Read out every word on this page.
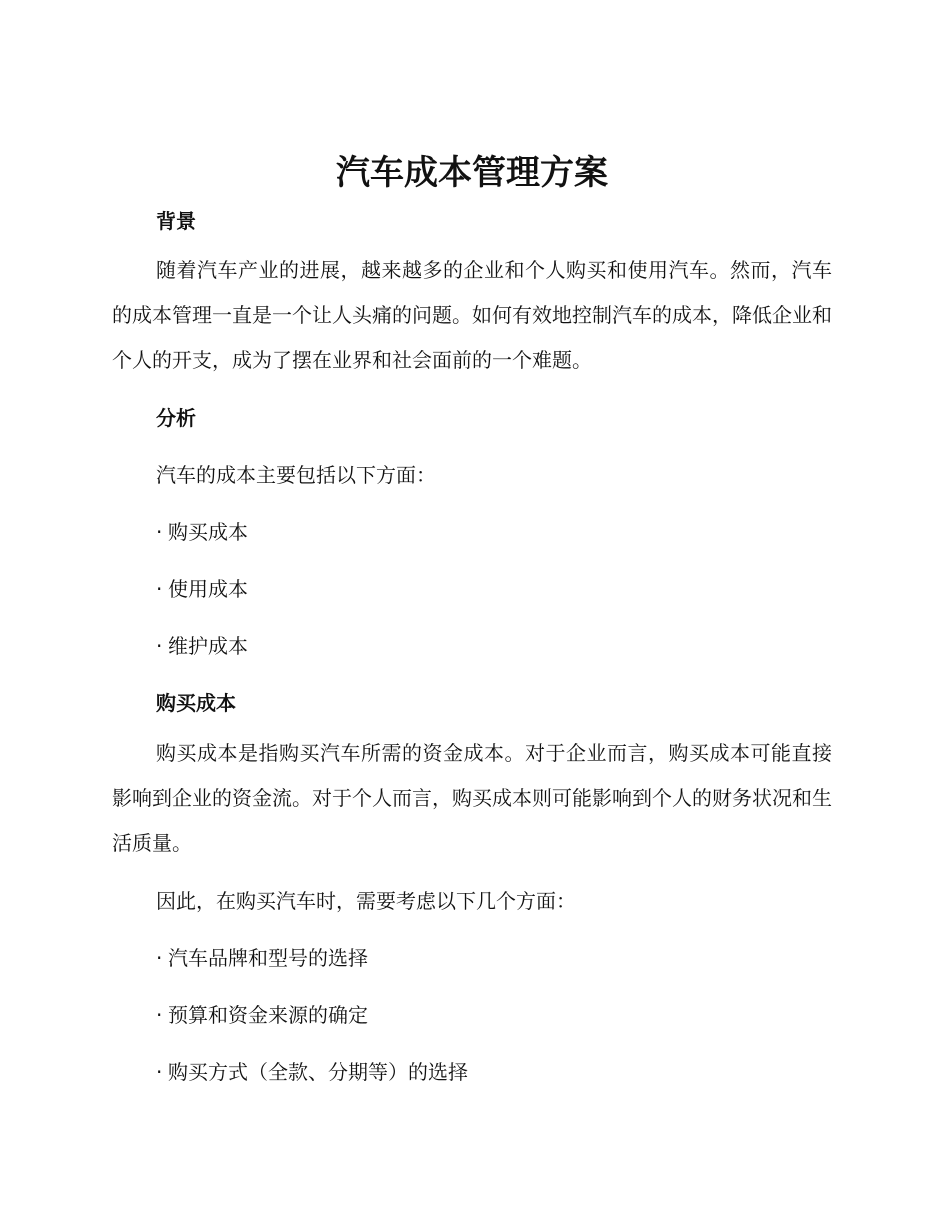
汽车成本管理方案
背景

随着汽车产业的进展，越来越多的企业和个人购买和使用汽车。然而，汽车的成本管理一直是一个让人头痛的问题。如何有效地控制汽车的成本，降低企业和个人的开支，成为了摆在业界和社会面前的一个难题。

分析

汽车的成本主要包括以下方面：

· 购买成本

· 使用成本

· 维护成本

购买成本

购买成本是指购买汽车所需的资金成本。对于企业而言，购买成本可能直接影响到企业的资金流。对于个人而言，购买成本则可能影响到个人的财务状况和生活质量。

因此，在购买汽车时，需要考虑以下几个方面：

· 汽车品牌和型号的选择

· 预算和资金来源的确定

· 购买方式（全款、分期等）的选择
